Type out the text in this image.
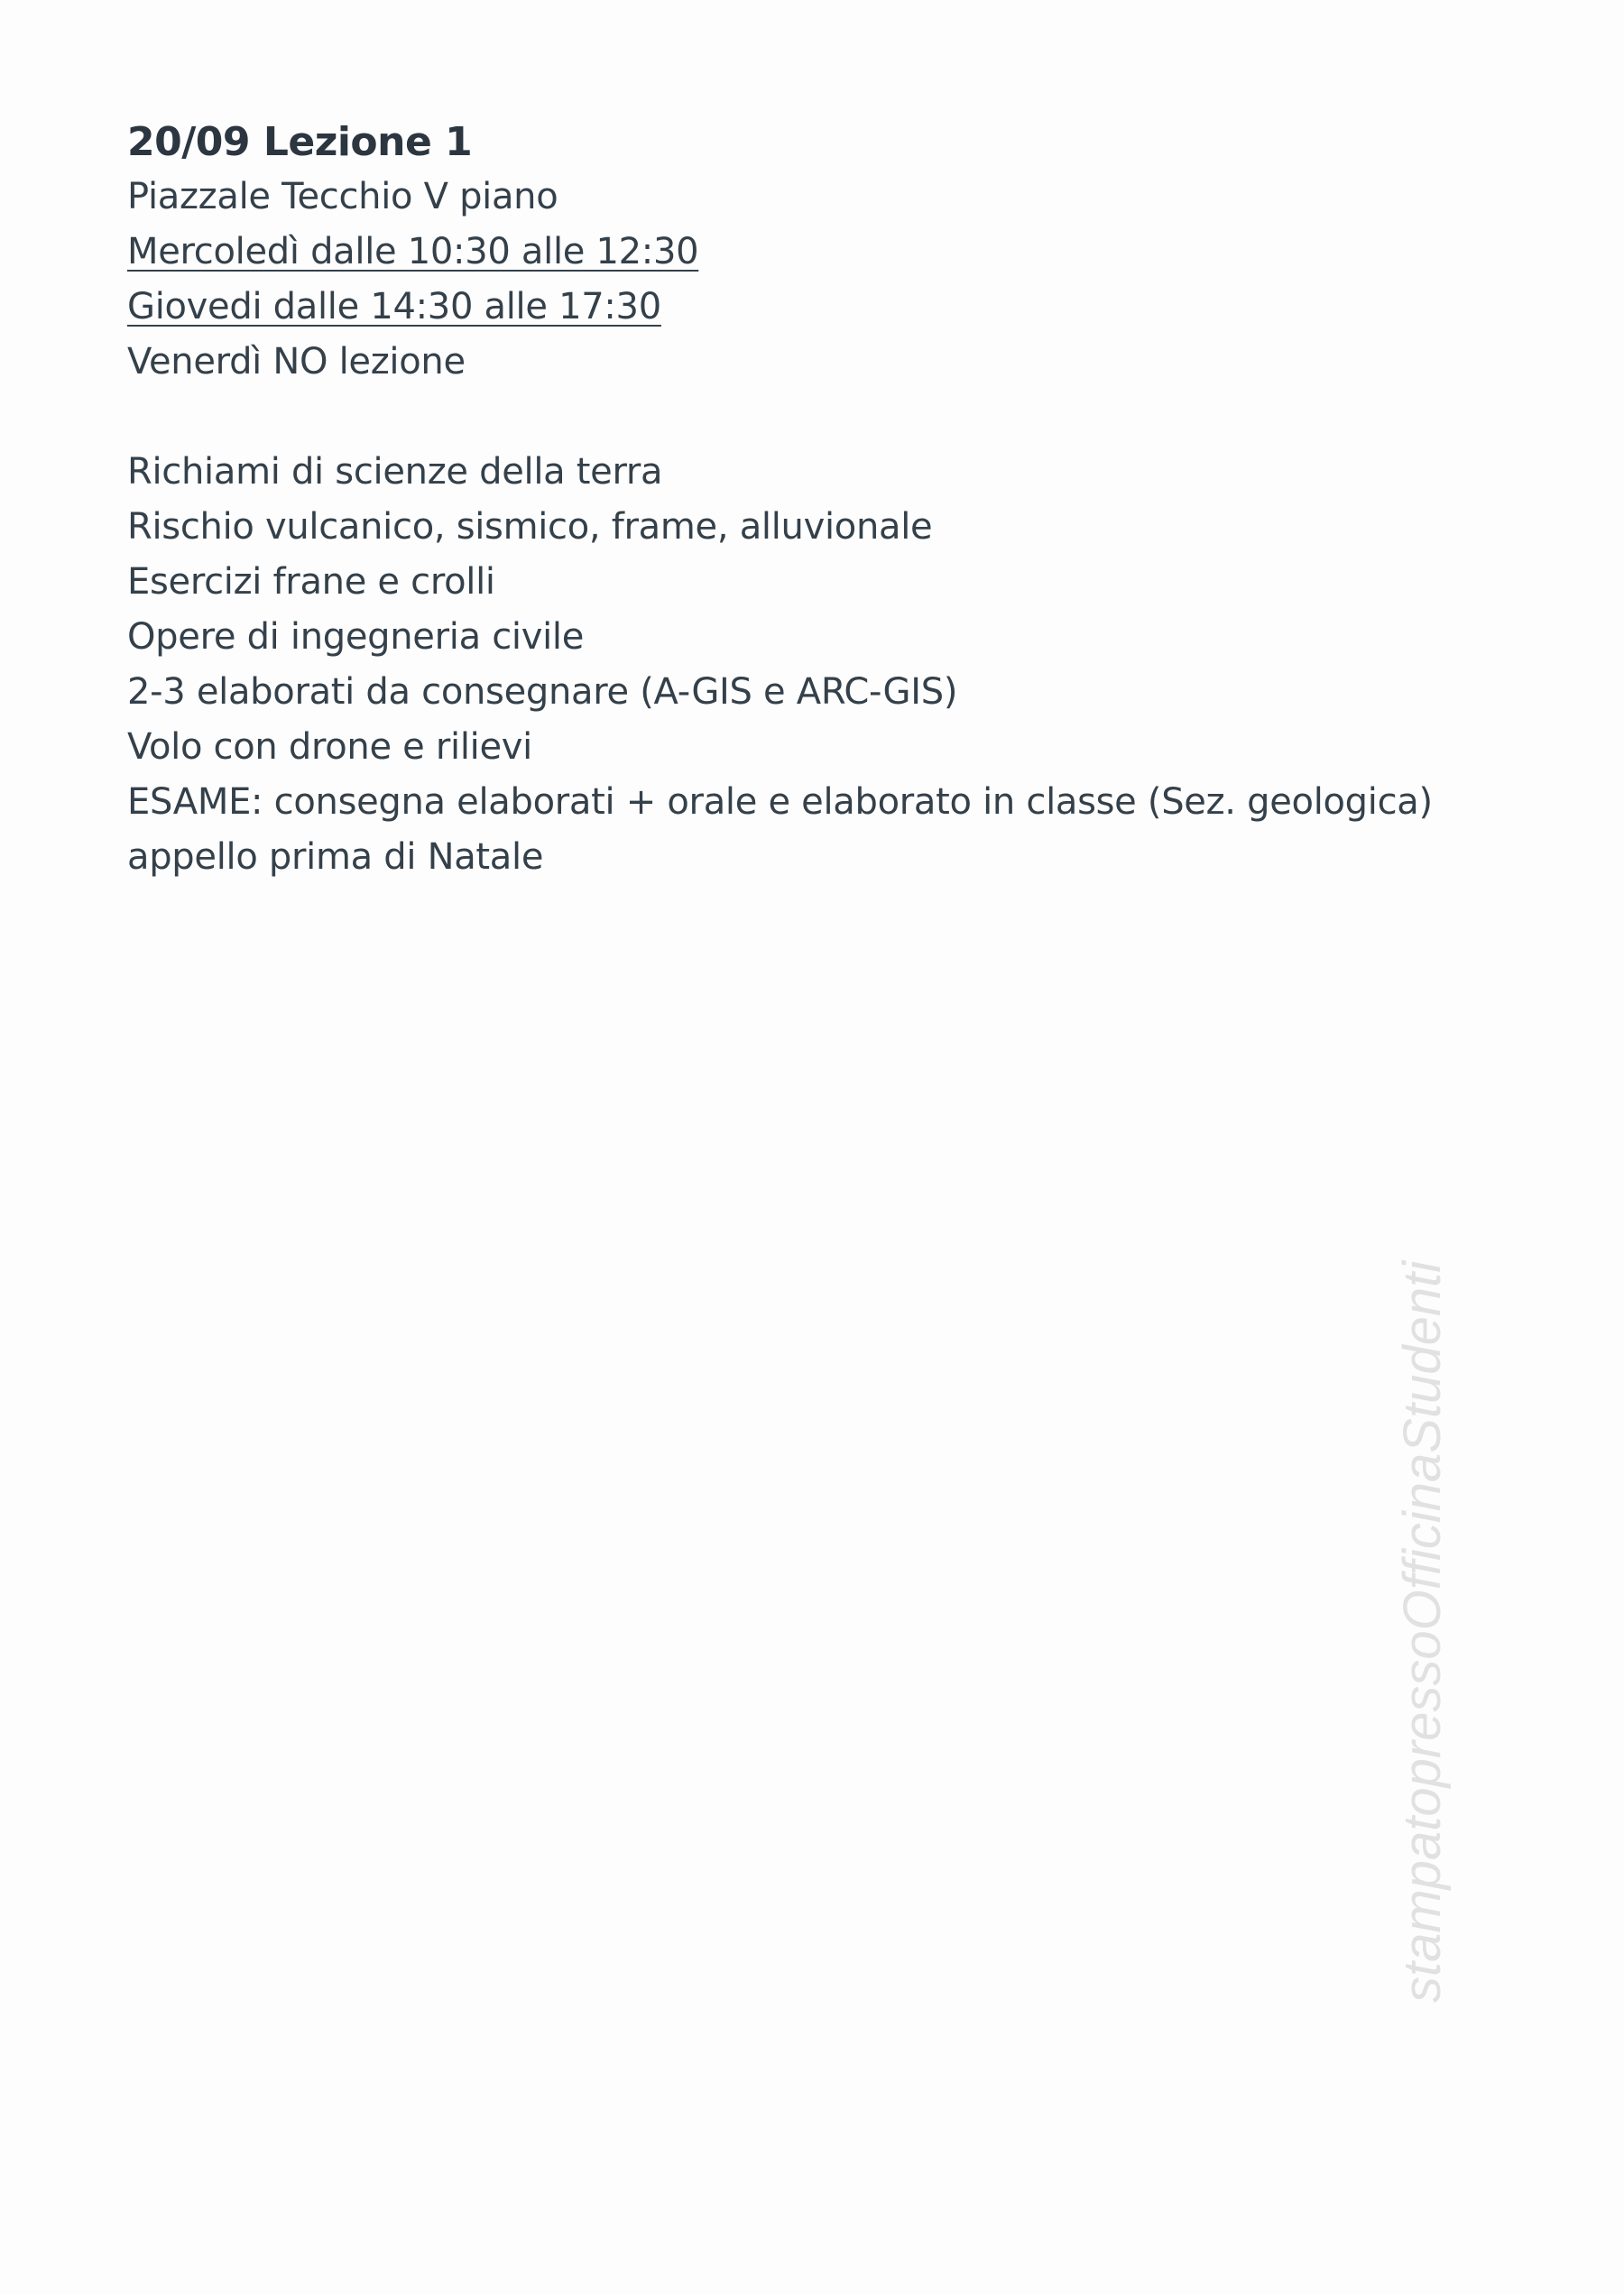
20/09 Lezione 1

Piazzale Tecchio V piano

Mercoledì dalle 10:30 alle 12:30

Giovedi dalle 14:30 alle 17:30

Venerdì NO lezione

Richiami di scienze della terra

Rischio vulcanico, sismico, frame, alluvionale

Esercizi frane e crolli

Opere di ingegneria civile

2-3 elaborati da consegnare (A-GIS e ARC-GIS)

Volo con drone e rilievi

ESAME: consegna elaborati + orale e elaborato in classe (Sez. geologica)

appello prima di Natale

stampatopressoOfficinaStudenti
